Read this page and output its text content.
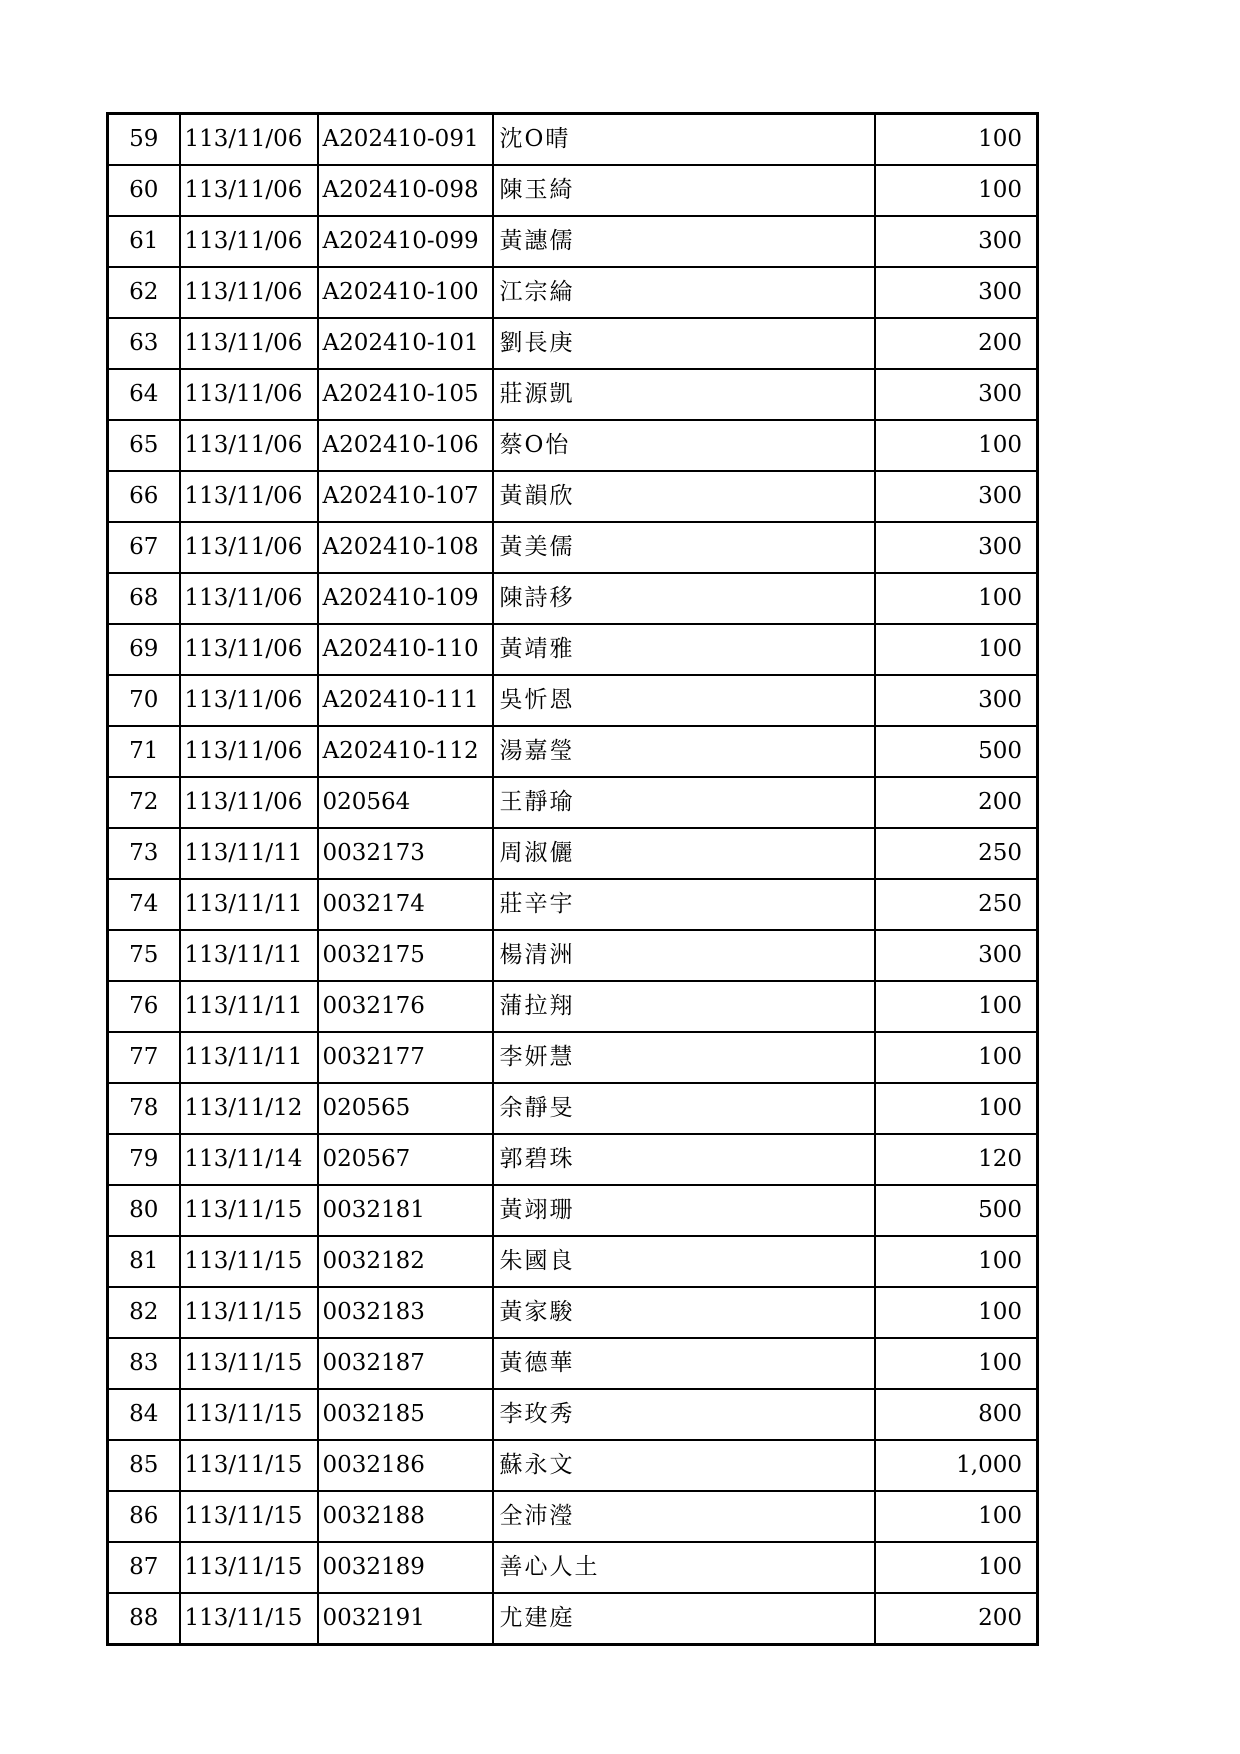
59	113/11/06	A202410-091	沈O晴	100
60	113/11/06	A202410-098	陳玉綺	100
61	113/11/06	A202410-099	黃譓儒	300
62	113/11/06	A202410-100	江宗綸	300
63	113/11/06	A202410-101	劉長庚	200
64	113/11/06	A202410-105	莊源凱	300
65	113/11/06	A202410-106	蔡O怡	100
66	113/11/06	A202410-107	黃韻欣	300
67	113/11/06	A202410-108	黃美儒	300
68	113/11/06	A202410-109	陳詩移	100
69	113/11/06	A202410-110	黃靖雅	100
70	113/11/06	A202410-111	吳忻恩	300
71	113/11/06	A202410-112	湯嘉瑩	500
72	113/11/06	020564	王靜瑜	200
73	113/11/11	0032173	周淑儷	250
74	113/11/11	0032174	莊辛宇	250
75	113/11/11	0032175	楊清洲	300
76	113/11/11	0032176	蒲拉翔	100
77	113/11/11	0032177	李妍慧	100
78	113/11/12	020565	余靜旻	100
79	113/11/14	020567	郭碧珠	120
80	113/11/15	0032181	黃翊珊	500
81	113/11/15	0032182	朱國良	100
82	113/11/15	0032183	黃家駿	100
83	113/11/15	0032187	黃德華	100
84	113/11/15	0032185	李玫秀	800
85	113/11/15	0032186	蘇永文	1,000
86	113/11/15	0032188	全沛瀅	100
87	113/11/15	0032189	善心人土	100
88	113/11/15	0032191	尤建庭	200
